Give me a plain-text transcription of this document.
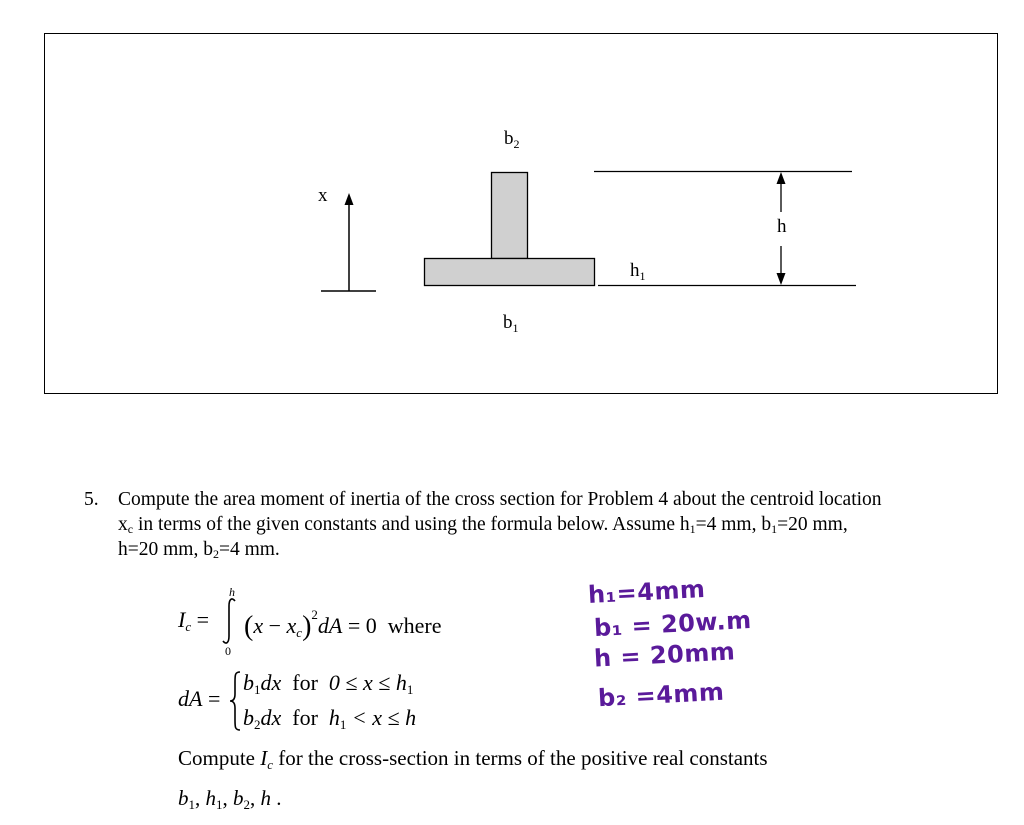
$b_2$
x
h
$h_1$
$b_1$
5. Compute the area moment of inertia of the cross section for Problem 4 about the centroid location
$x_c$ in terms of the given constants and using the formula below. Assume $h_1=4$ mm, $b_1=20$ mm,
h=20 mm, $b_2=4$ mm.
$I_c$ =
h
0
$(x - x_c)^2dA = 0$ where
dA =
$b_1dx$ for $0 \le x \le h_1$
$b_2dx$ for $h_1 < x \le h$
Compute $I_c$ for the cross-section in terms of the positive real constants
$b_1$, $h_1$, $b_2$, h .
h₁=4mm
b₁ = 20w.m
h = 20mm
b₂ =4mm
